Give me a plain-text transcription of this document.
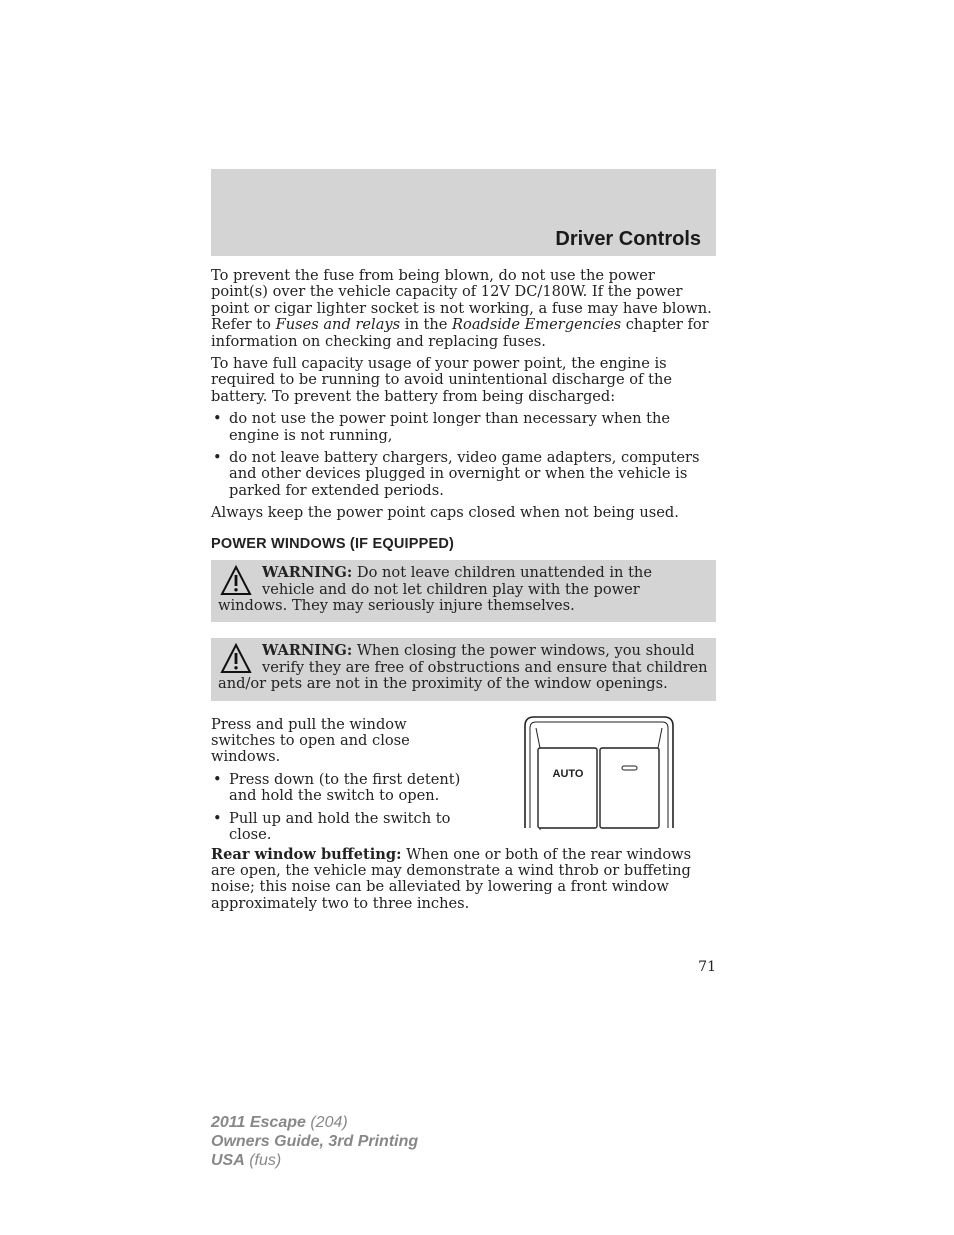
Driver Controls

To prevent the fuse from being blown, do not use the power point(s) over the vehicle capacity of 12V DC/180W. If the power point or cigar lighter socket is not working, a fuse may have blown. Refer to Fuses and relays in the Roadside Emergencies chapter for information on checking and replacing fuses.

To have full capacity usage of your power point, the engine is required to be running to avoid unintentional discharge of the battery. To prevent the battery from being discharged:

• do not use the power point longer than necessary when the engine is not running,
• do not leave battery chargers, video game adapters, computers and other devices plugged in overnight or when the vehicle is parked for extended periods.

Always keep the power point caps closed when not being used.

POWER WINDOWS (IF EQUIPPED)
WARNING: Do not leave children unattended in the vehicle and do not let children play with the power windows. They may seriously injure themselves.
WARNING: When closing the power windows, you should verify they are free of obstructions and ensure that children and/or pets are not in the proximity of the window openings.

Press and pull the window switches to open and close windows.

• Press down (to the first detent) and hold the switch to open.
• Pull up and hold the switch to close.
AUTO

Rear window buffeting: When one or both of the rear windows are open, the vehicle may demonstrate a wind throb or buffeting noise; this noise can be alleviated by lowering a front window approximately two to three inches.

71
2011 Escape (204)
Owners Guide, 3rd Printing
USA (fus)
